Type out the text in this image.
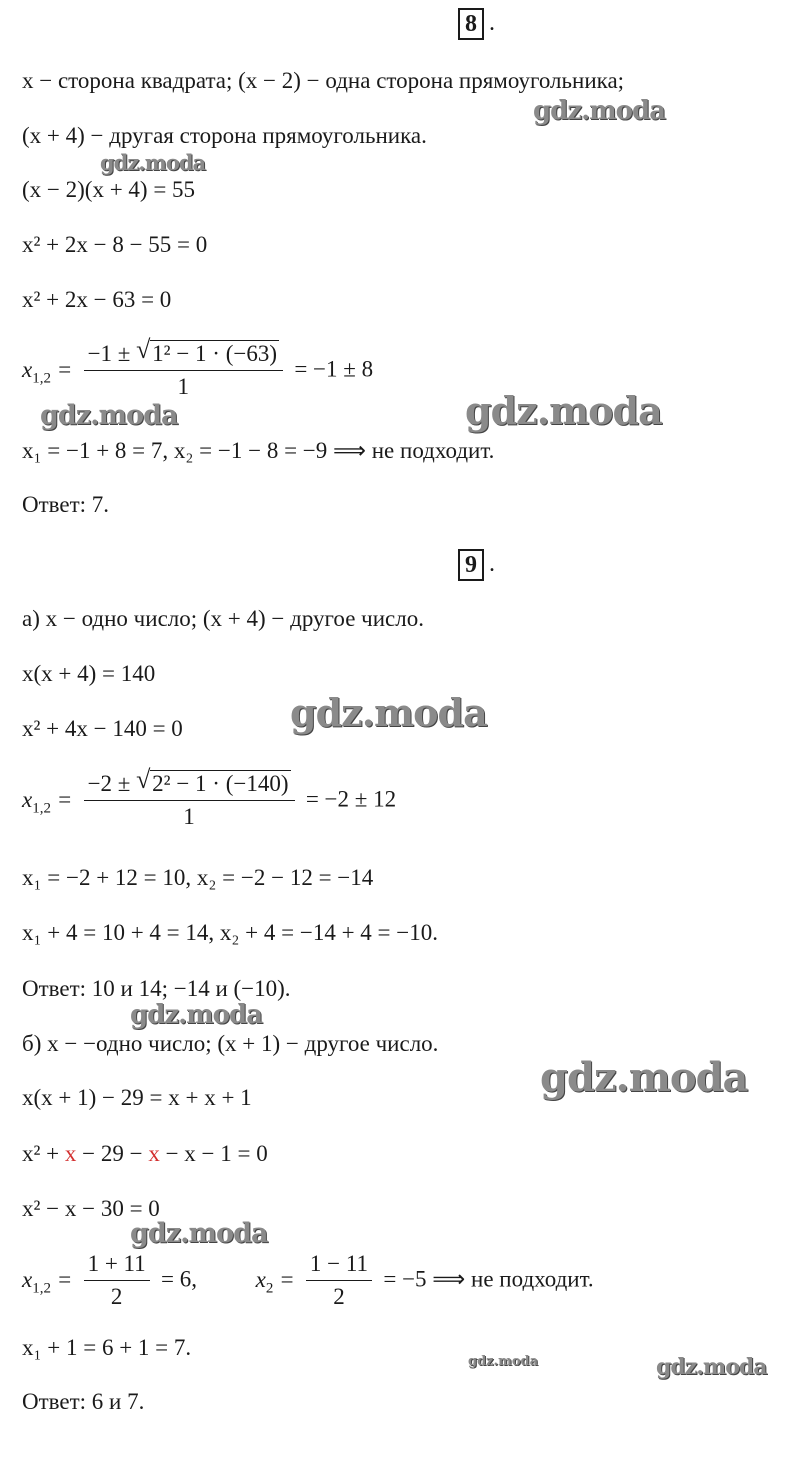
8 .
x − сторона квадрата; (x − 2) − одна сторона прямоугольника;
(x + 4) − другая сторона прямоугольника.
(x − 2)(x + 4) = 55
x² + 2x − 8 − 55 = 0
x² + 2x − 63 = 0
$x_{1,2} = \frac{\text{−1 ± √ 1² − 1 · (−63)}}{1} = -1 \pm 8$
x₁ = −1 + 8 = 7, x₂ = −1 − 8 = −9 ⟹ не подходит.
Ответ: 7.
9 .
а) x − одно число; (x + 4) − другое число.
x(x + 4) = 140
x² + 4x − 140 = 0
$x_{1,2} = \frac{\text{−2 ± √ 2² − 1 · (−140)}}{1} = -2 \pm 12$
x₁ = −2 + 12 = 10, x₂ = −2 − 12 = −14
x₁ + 4 = 10 + 4 = 14, x₂ + 4 = −14 + 4 = −10.
Ответ: 10 и 14; −14 и (−10).
б) x − −одно число; (x + 1) − другое число.
x(x + 1) − 29 = x + x + 1
x² + x − 29 − x − x − 1 = 0
x² − x − 30 = 0
$x_{1,2} = \frac{1 + 11}{2} = 6$,	$x_2 = \frac{1 - 11}{2} = -5$ ⟹ не подходит.
x₁ + 1 = 6 + 1 = 7.
Ответ: 6 и 7.
gdz.moda
gdz.moda
gdz.moda	gdz.moda
gdz.moda
gdz.moda
gdz.moda
gdz.moda
gdz.moda	gdz.moda
